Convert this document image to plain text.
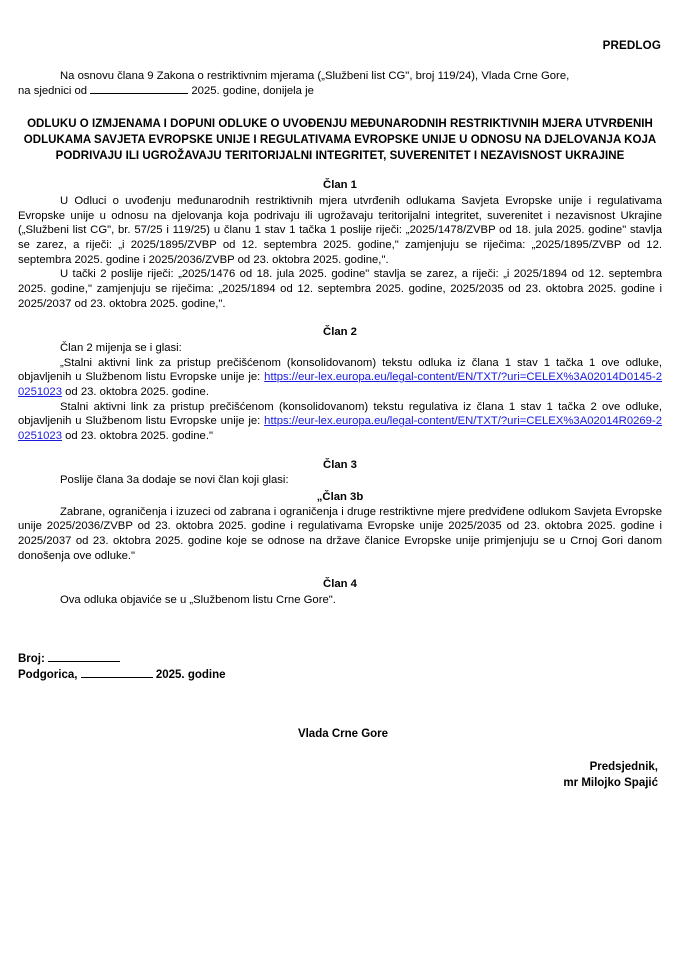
PREDLOG

Na osnovu člana 9 Zakona o restriktivnim mjerama („Službeni list CG", broj 119/24), Vlada Crne Gore,

na sjednici od	2025. godine, donijela je

ODLUKU O IZMJENAMA I DOPUNI ODLUKE O UVOĐENJU MEĐUNARODNIH RESTRIKTIVNIH MJERA UTVRĐENIH ODLUKAMA SAVJETA EVROPSKE UNIJE I REGULATIVAMA EVROPSKE UNIJE U ODNOSU NA DJELOVANJA KOJA PODRIVAJU ILI UGROŽAVAJU TERITORIJALNI INTEGRITET, SUVERENITET I NEZAVISNOST UKRAJINE
Član 1

U Odluci o uvođenju međunarodnih restriktivnih mjera utvrđenih odlukama Savjeta Evropske unije i regulativama Evropske unije u odnosu na djelovanja koja podrivaju ili ugrožavaju teritorijalni integritet, suverenitet i nezavisnost Ukrajine („Službeni list CG", br. 57/25 i 119/25) u članu 1 stav 1 tačka 1 poslije riječi: „2025/1478/ZVBP od 18. jula 2025. godine" stavlja se zarez, a riječi: „i 2025/1895/ZVBP od 12. septembra 2025. godine," zamjenjuju se riječima: „2025/1895/ZVBP od 12. septembra 2025. godine i 2025/2036/ZVBP od 23. oktobra 2025. godine,".

U tački 2 poslije riječi: „2025/1476 od 18. jula 2025. godine" stavlja se zarez, a riječi: „i 2025/1894 od 12. septembra 2025. godine," zamjenjuju se riječima: „2025/1894 od 12. septembra 2025. godine, 2025/2035 od 23. oktobra 2025. godine i 2025/2037 od 23. oktobra 2025. godine,".

Član 2

Član 2 mijenja se i glasi:

„Stalni aktivni link za pristup prečišćenom (konsolidovanom) tekstu odluka iz člana 1 stav 1 tačka 1 ove odluke, objavljenih u Službenom listu Evropske unije je: https://eur-lex.europa.eu/legal-content/EN/TXT/?uri=CELEX%3A02014D0145-20251023 od 23. oktobra 2025. godine.

Stalni aktivni link za pristup prečišćenom (konsolidovanom) tekstu regulativa iz člana 1 stav 1 tačka 2 ove odluke, objavljenih u Službenom listu Evropske unije je: https://eur-lex.europa.eu/legal-content/EN/TXT/?uri=CELEX%3A02014R0269-20251023 od 23. oktobra 2025. godine."

Član 3

Poslije člana 3a dodaje se novi član koji glasi:

„Član 3b

Zabrane, ograničenja i izuzeci od zabrana i ograničenja i druge restriktivne mjere predviđene odlukom Savjeta Evropske unije 2025/2036/ZVBP od 23. oktobra 2025. godine i regulativama Evropske unije 2025/2035 od 23. oktobra 2025. godine i 2025/2037 od 23. oktobra 2025. godine koje se odnose na države članice Evropske unije primjenjuju se u Crnoj Gori danom donošenja ove odluke."

Član 4

Ova odluka objaviće se u „Službenom listu Crne Gore".

Broj:
Podgorica,	2025. godine
Vlada Crne Gore
Predsjednik,
mr Milojko Spajić
